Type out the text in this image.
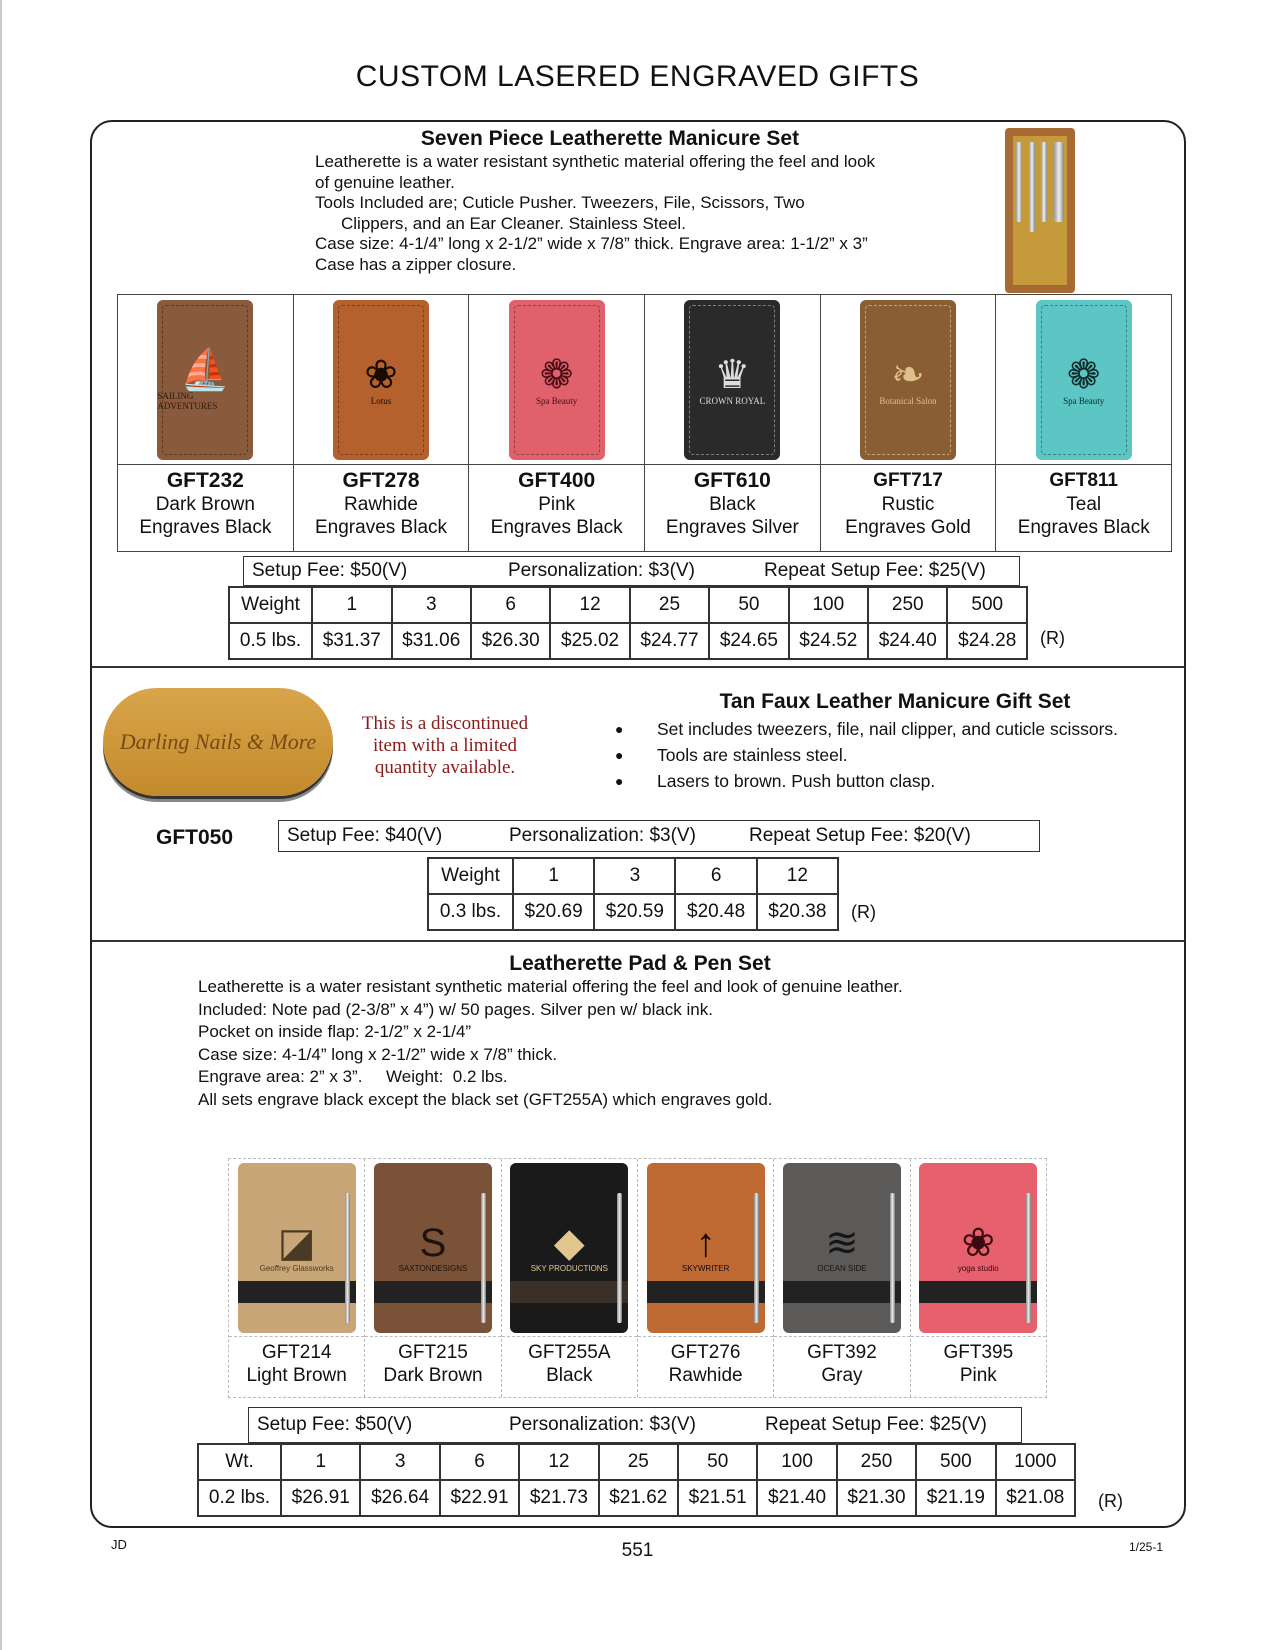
CUSTOM LASERED ENGRAVED GIFTS
Seven Piece Leatherette Manicure Set
Leatherette is a water resistant synthetic material offering the feel and look
of genuine leather.
Tools Included are; Cuticle Pusher. Tweezers, File, Scissors, Two
Clippers, and an Ear Cleaner. Stainless Steel.
Case size: 4-1/4” long x 2-1/2” wide x 7/8” thick. Engrave area: 1-1/2” x 3”
Case has a zipper closure.
⛵
SAILING ADVENTURES
GFT232
Dark Brown
Engraves Black
❀
Lotus
GFT278
Rawhide
Engraves Black
❁
Spa Beauty
GFT400
Pink
Engraves Black
♛
CROWN ROYAL
GFT610
Black
Engraves Silver
❧
Botanical Salon
GFT717
Rustic
Engraves Gold
❁
Spa Beauty
GFT811
Teal
Engraves Black
Setup Fee: $50(V)	Personalization: $3(V)	Repeat Setup Fee: $25(V)
Weight	1	3	6	12	25	50	100	250	500
0.5 lbs.	$31.37	$31.06	$26.30	$25.02	$24.77	$24.65	$24.52	$24.40	$24.28 (R)
Darling Nails & More
This is a discontinued item with a limited quantity available.
Tan Faux Leather Manicure Gift Set
●	Set includes tweezers, file, nail clipper, and cuticle scissors.
●	Tools are stainless steel.
●	Lasers to brown. Push button clasp.
GFT050	Setup Fee: $40(V)	Personalization: $3(V)	Repeat Setup Fee: $20(V)
Weight	1	3	6	12
0.3 lbs.	$20.69	$20.59	$20.48	$20.38 (R)
Leatherette Pad & Pen Set
Leatherette is a water resistant synthetic material offering the feel and look of genuine leather.
Included: Note pad (2-3/8” x 4”) w/ 50 pages. Silver pen w/ black ink.
Pocket on inside flap: 2-1/2” x 2-1/4”
Case size: 4-1/4” long x 2-1/2” wide x 7/8” thick.
Engrave area: 2” x 3”.     Weight:  0.2 lbs.
All sets engrave black except the black set (GFT255A) which engraves gold.
◪
Geoffrey Glassworks
GFT214
Light Brown
S
SAXTONDESIGNS
GFT215
Dark Brown
◆
SKY PRODUCTIONS
GFT255A
Black
↑
SKYWRITER
GFT276
Rawhide
≋
OCEAN SIDE
GFT392
Gray
❀
yoga studio
GFT395
Pink
Setup Fee: $50(V)	Personalization: $3(V)	Repeat Setup Fee: $25(V)
Wt.	1	3	6	12	25	50	100	250	500	1000
0.2 lbs.	$26.91	$26.64	$22.91	$21.73	$21.62	$21.51	$21.40	$21.30	$21.19	$21.08 (R)
JD	551	1/25-1
